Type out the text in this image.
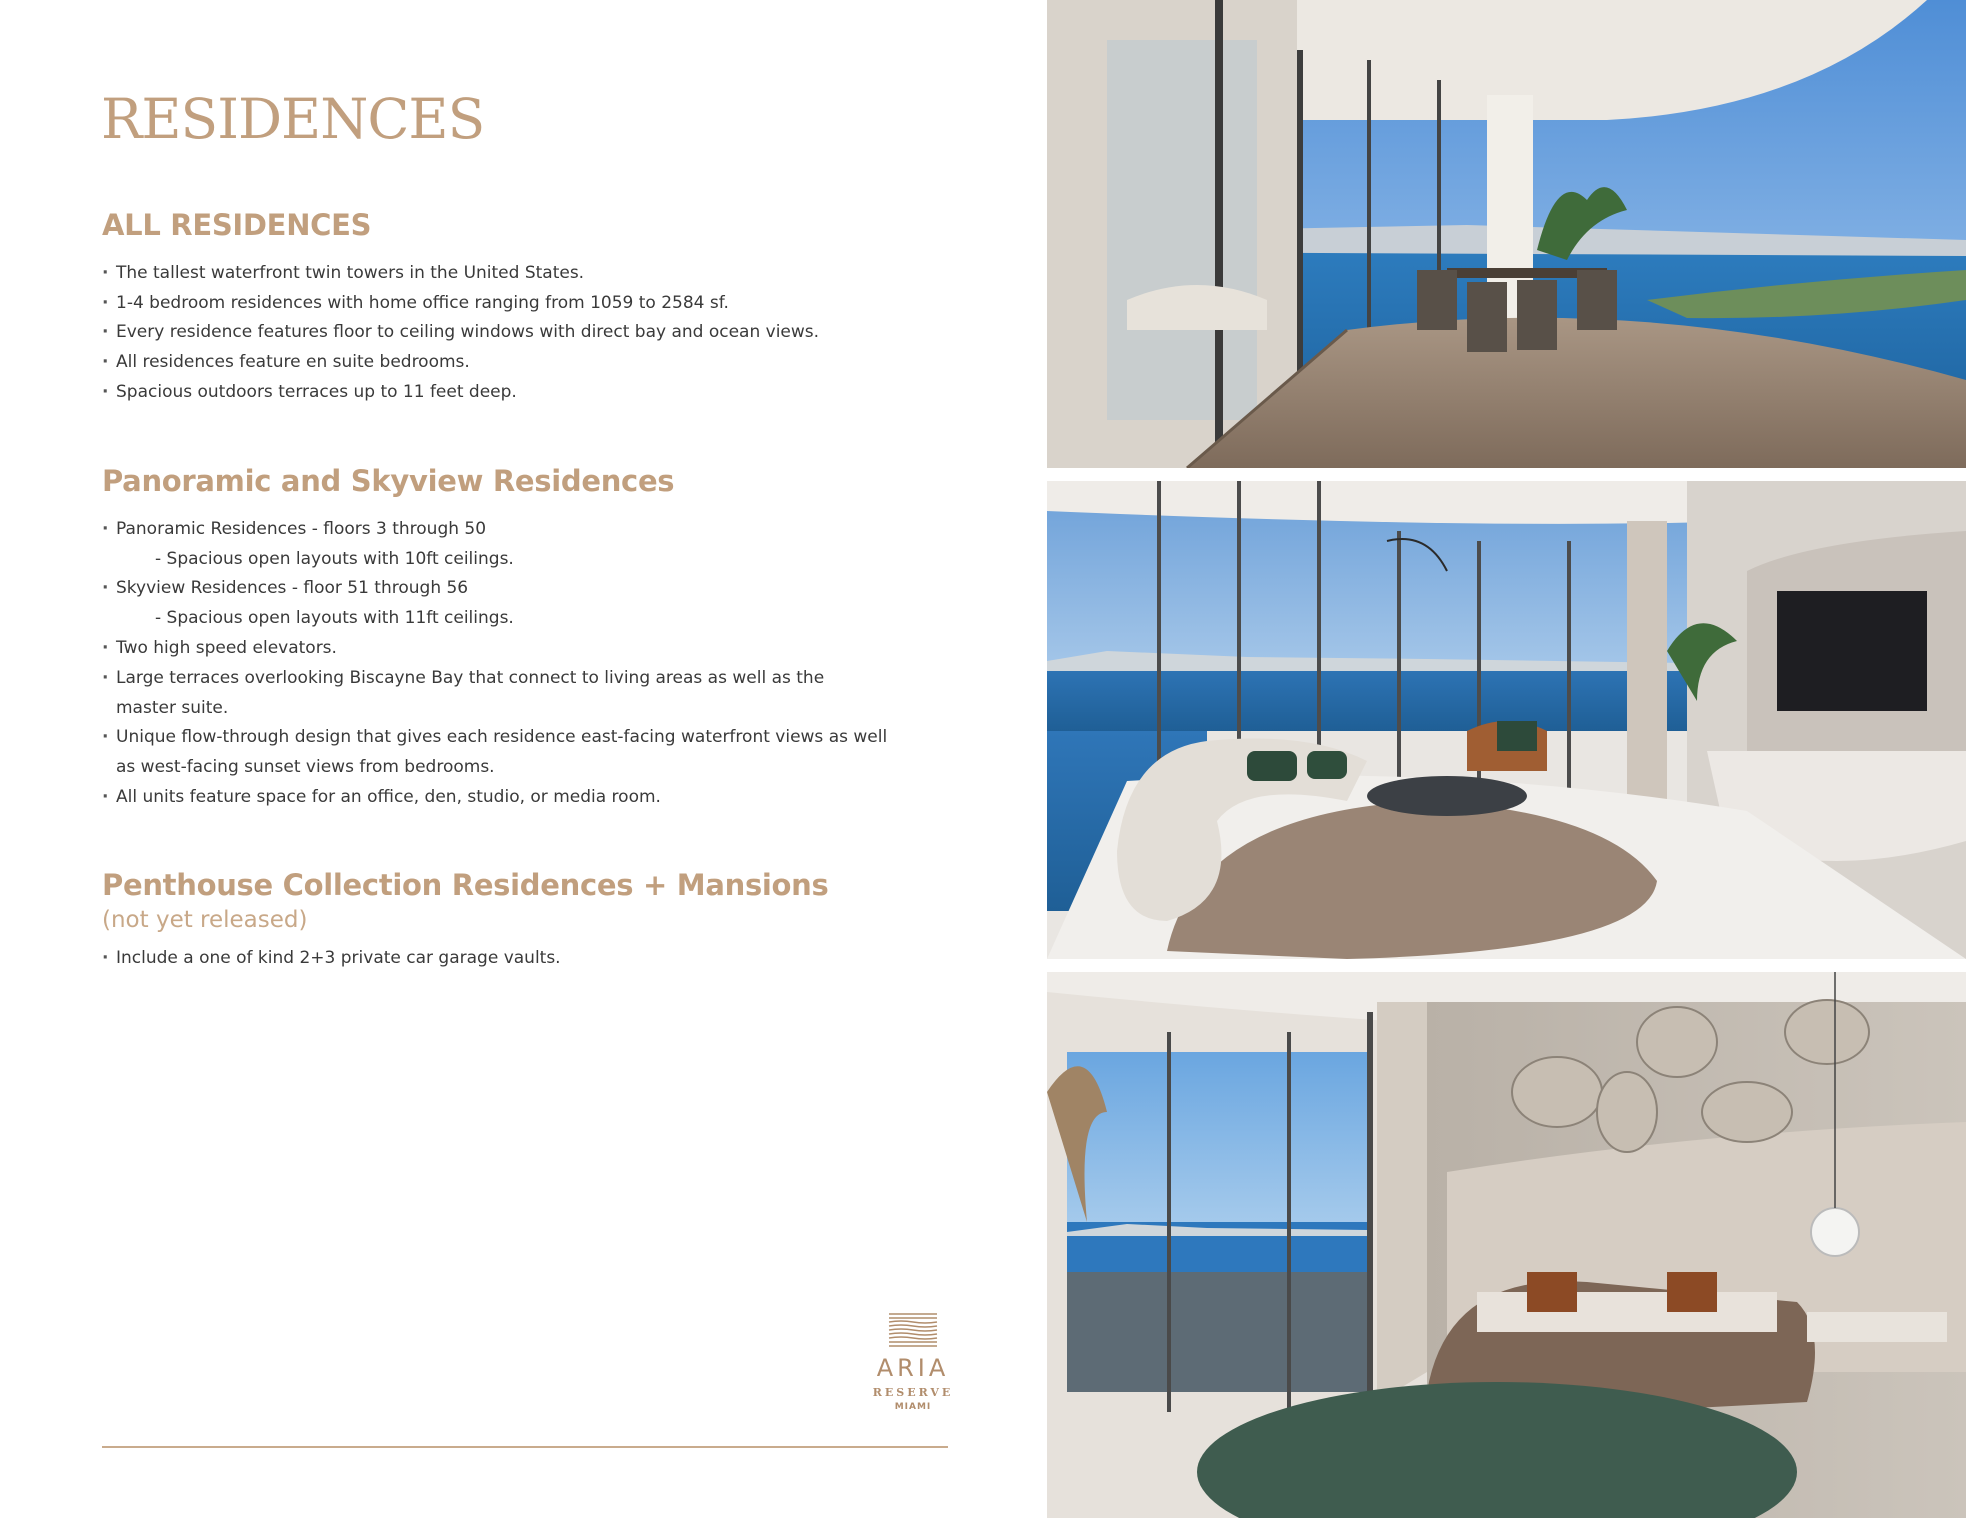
RESIDENCES
ALL RESIDENCES
· The tallest waterfront twin towers in the United States.
· 1-4 bedroom residences with home office ranging from 1059 to 2584 sf.
· Every residence features floor to ceiling windows with direct bay and ocean views.
· All residences feature en suite bedrooms.
· Spacious outdoors terraces up to 11 feet deep.
Panoramic and Skyview Residences
· Panoramic Residences - floors 3 through 50
- Spacious open layouts with 10ft ceilings.
· Skyview Residences - floor 51 through 56
- Spacious open layouts with 11ft ceilings.
· Two high speed elevators.
· Large terraces overlooking Biscayne Bay that connect to living areas as well as the
master suite.
· Unique flow-through design that gives each residence east-facing waterfront views as well
as west-facing sunset views from bedrooms.
· All units feature space for an office, den, studio, or media room.
Penthouse Collection Residences + Mansions
(not yet released)
· Include a one of kind 2+3 private car garage vaults.
ARIA
RESERVE
MIAMI
